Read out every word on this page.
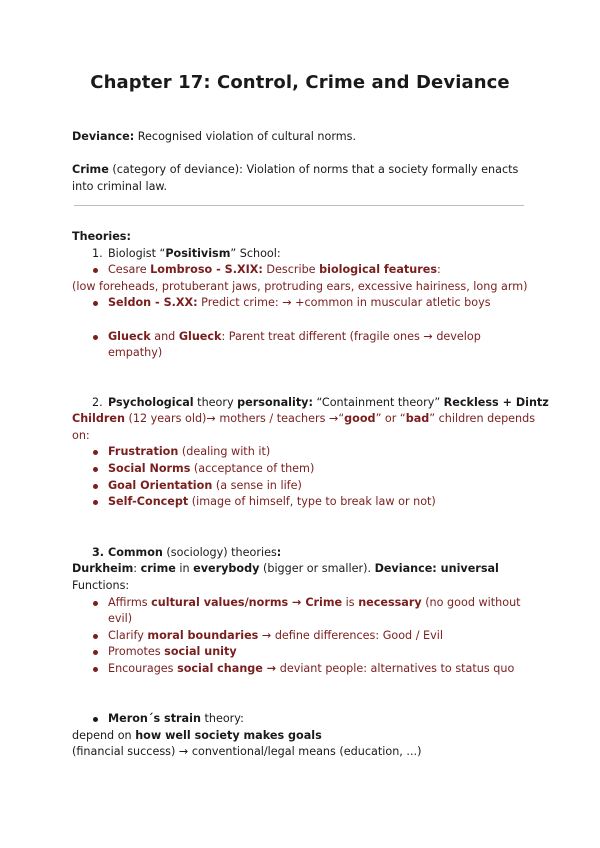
Chapter 17: Control, Crime and Deviance
Deviance: Recognised violation of cultural norms.
Crime (category of deviance): Violation of norms that a society formally enacts into criminal law.
Theories:
1. Biologist “Positivism” School:
Cesare Lombroso - S.XIX: Describe biological features:
(low foreheads, protuberant jaws, protruding ears, excessive hairiness, long arm)
Seldon - S.XX: Predict crime: → +common in muscular atletic boys
Glueck and Glueck: Parent treat different (fragile ones → develop
empathy)
2. Psychological theory personality: “Containment theory” Reckless + Dintz
Children (12 years old)→ mothers / teachers →“good” or “bad” children depends
on:
Frustration (dealing with it)
Social Norms (acceptance of them)
Goal Orientation (a sense in life)
Self-Concept (image of himself, type to break law or not)
3. Common (sociology) theories:
Durkheim: crime in everybody (bigger or smaller). Deviance: universal
Functions:
Affirms cultural values/norms → Crime is necessary (no good without
evil)
Clarify moral boundaries → define differences: Good / Evil
Promotes social unity
Encourages social change → deviant people: alternatives to status quo
Meron´s strain theory:
depend on how well society makes goals
(financial success) → conventional/legal means (education, ...)
